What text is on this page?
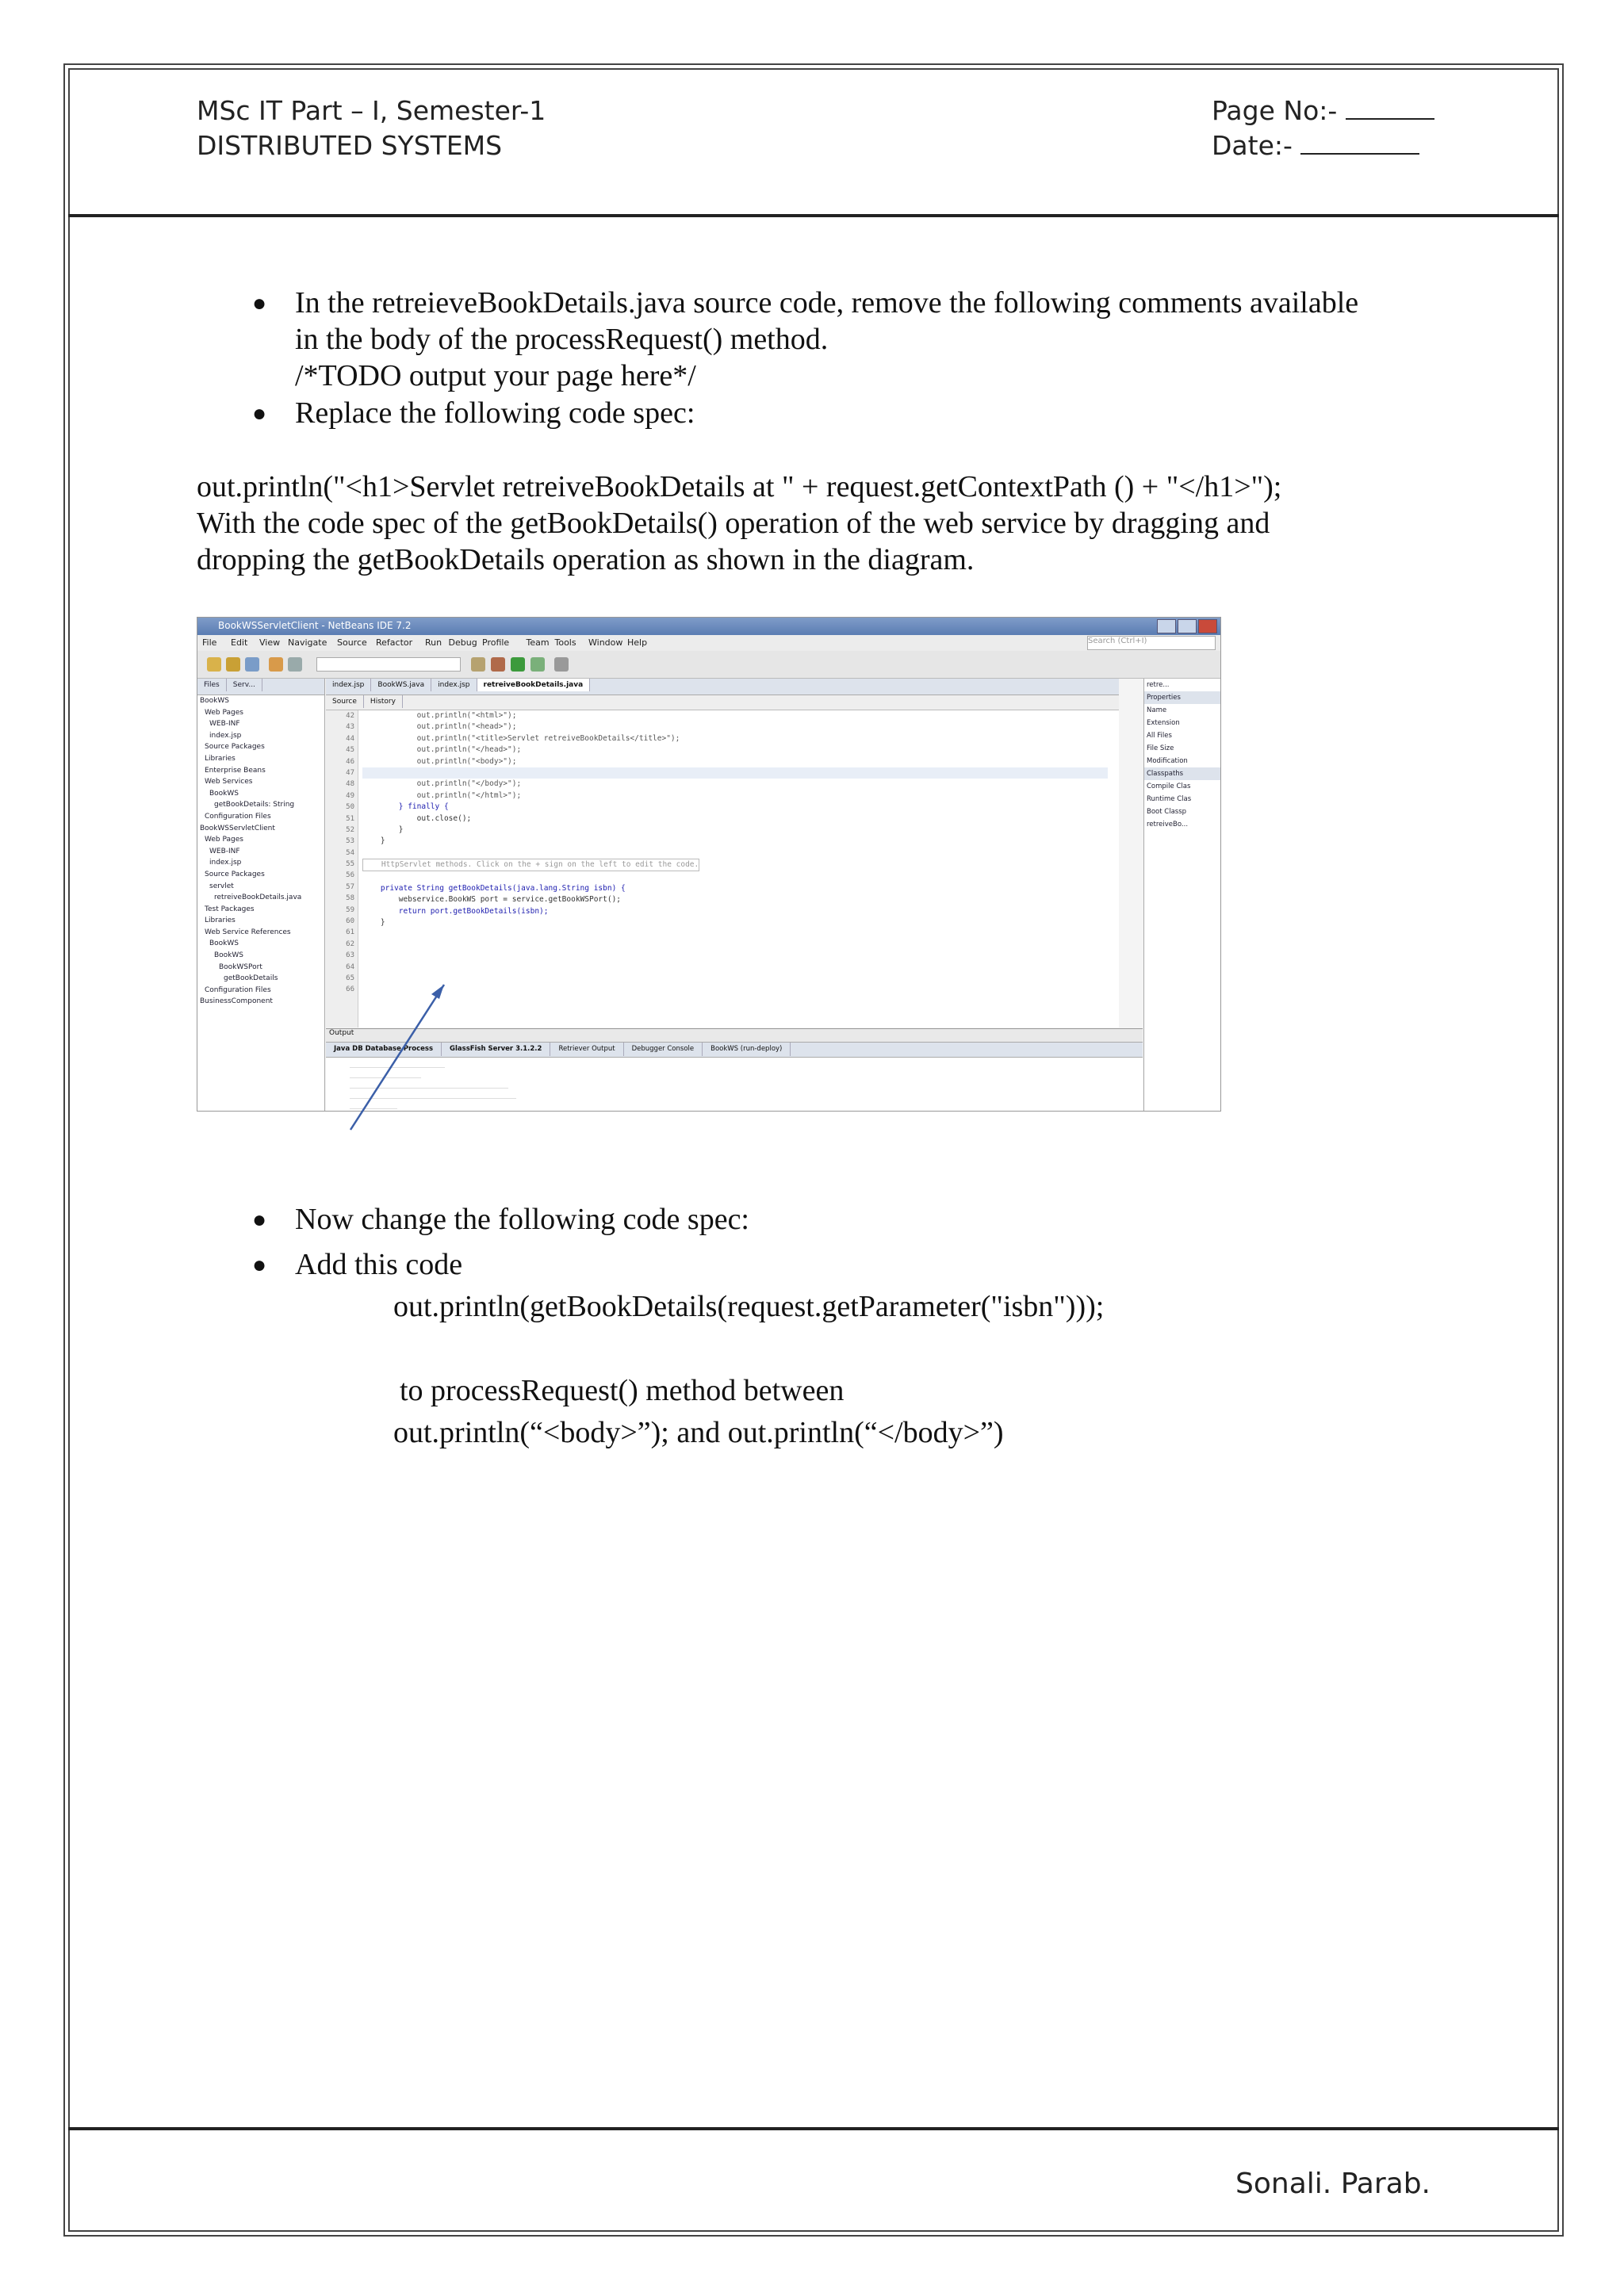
MSc IT Part – I, Semester-1
DISTRIBUTED SYSTEMS
Page No:-
Date:-
● In the retreieveBookDetails.java source code, remove the following comments available
in the body of the processRequest() method.
/*TODO output your page here*/
● Replace the following code spec:
out.println("<h1>Servlet retreiveBookDetails at " + request.getContextPath () + "</h1>");
With the code spec of the getBookDetails() operation of the web service by dragging and
dropping the getBookDetails operation as shown in the diagram.
BookWSServletClient - NetBeans IDE 7.2
File Edit View Navigate Source Refactor Run Debug Profile Team Tools Window Help	Search (Ctrl+I)
Files Serv...
BookWS
Web Pages
WEB-INF
index.jsp
Source Packages
Libraries
Enterprise Beans
Web Services
BookWS
getBookDetails: String
Configuration Files
BookWSServletClient
Web Pages
WEB-INF
index.jsp
Source Packages
servlet
retreiveBookDetails.java
Test Packages
Libraries
Web Service References
BookWS
BookWS
BookWSPort
getBookDetails
Configuration Files
BusinessComponent
index.jsp BookWS.java index.jsp retreiveBookDetails.java
Source History
42
43
44
45
46
47
48
49
50
51
52
53
54
55
56
57
58
59
60
61
62
63
64
65
66
out.println("<html>");
out.println("<head>");
out.println("<title>Servlet retreiveBookDetails</title>");
out.println("</head>");
out.println("<body>");
out.println("</body>");
out.println("</html>");
} finally {
out.close();
}
}
HttpServlet methods. Click on the + sign on the left to edit the code.
private String getBookDetails(java.lang.String isbn) {
webservice.BookWS port = service.getBookWSPort();
return port.getBookDetails(isbn);
}
retre...
Properties
Name
Extension
All Files
File Size
Modification
Classpaths
Compile Clas
Runtime Clas
Boot Classp
retreiveBo...
Output
Java DB Database Process GlassFish Server 3.1.2.2 Retriever Output Debugger Console BookWS (run-deploy)
● Now change the following code spec:
● Add this code
out.println(getBookDetails(request.getParameter("isbn")));
to processRequest() method between
out.println(“<body>”); and out.println(“</body>”)
Sonali. Parab.
